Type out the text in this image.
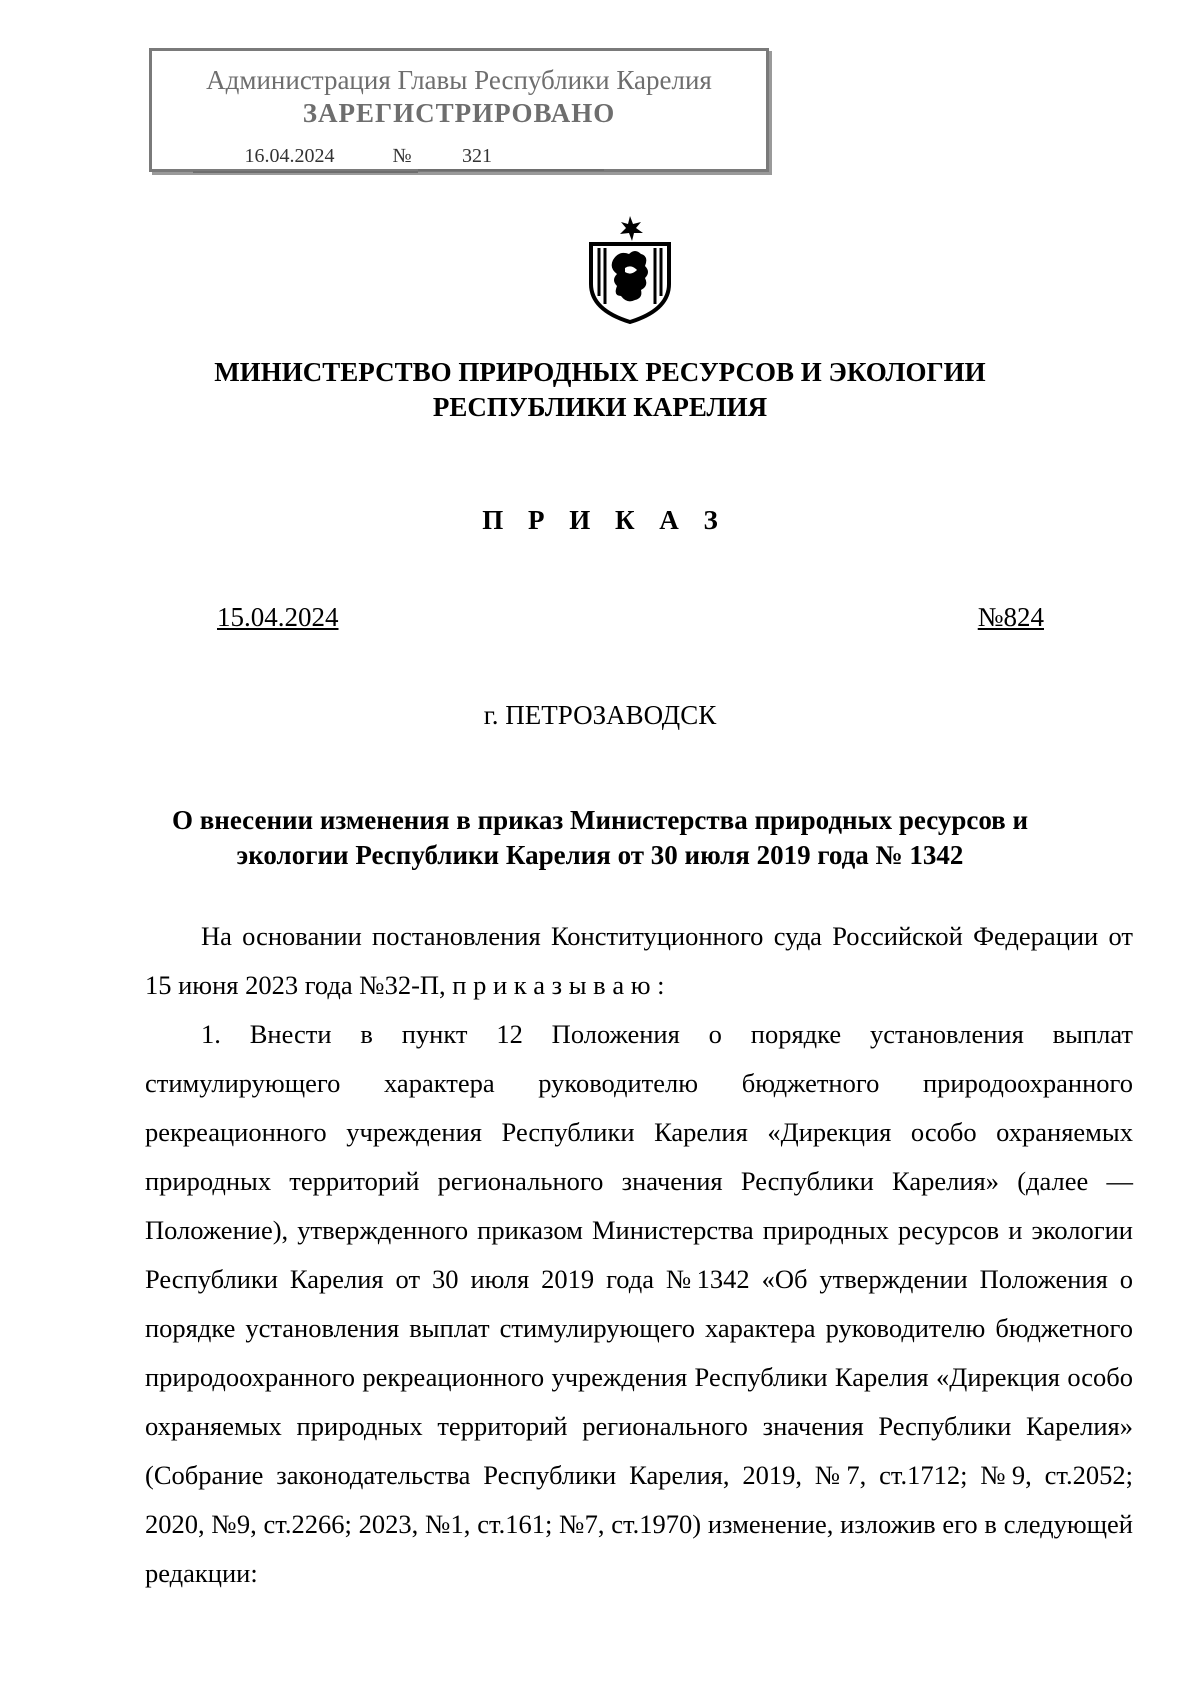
Администрация Главы Республики Карелия
ЗАРЕГИСТРИРОВАНО
16.04.2024	№	321
МИНИСТЕРСТВО ПРИРОДНЫХ РЕСУРСОВ И ЭКОЛОГИИ
РЕСПУБЛИКИ КАРЕЛИЯ
П Р И К А З
15.04.2024	№824
г. ПЕТРОЗАВОДСК
О внесении изменения в приказ Министерства природных ресурсов и
экологии Республики Карелия от 30 июля 2019 года № 1342

На основании постановления Конституционного суда Российской Федерации от 15 июня 2023 года №32-П, п р и к а з ы в а ю :

1. Внести в пункт 12 Положения о порядке установления выплат стимулирующего характера руководителю бюджетного природоохранного рекреационного учреждения Республики Карелия «Дирекция особо охраняемых природных территорий регионального значения Республики Карелия» (далее — Положение), утвержденного приказом Министерства природных ресурсов и экологии Республики Карелия от 30 июля 2019 года №1342 «Об утверждении Положения о порядке установления выплат стимулирующего характера руководителю бюджетного природоохранного рекреационного учреждения Республики Карелия «Дирекция особо охраняемых природных территорий регионального значения Республики Карелия» (Собрание законодательства Республики Карелия, 2019, №7, ст.1712; №9, ст.2052; 2020, №9, ст.2266; 2023, №1, ст.161; №7, ст.1970) изменение, изложив его в следующей редакции:
